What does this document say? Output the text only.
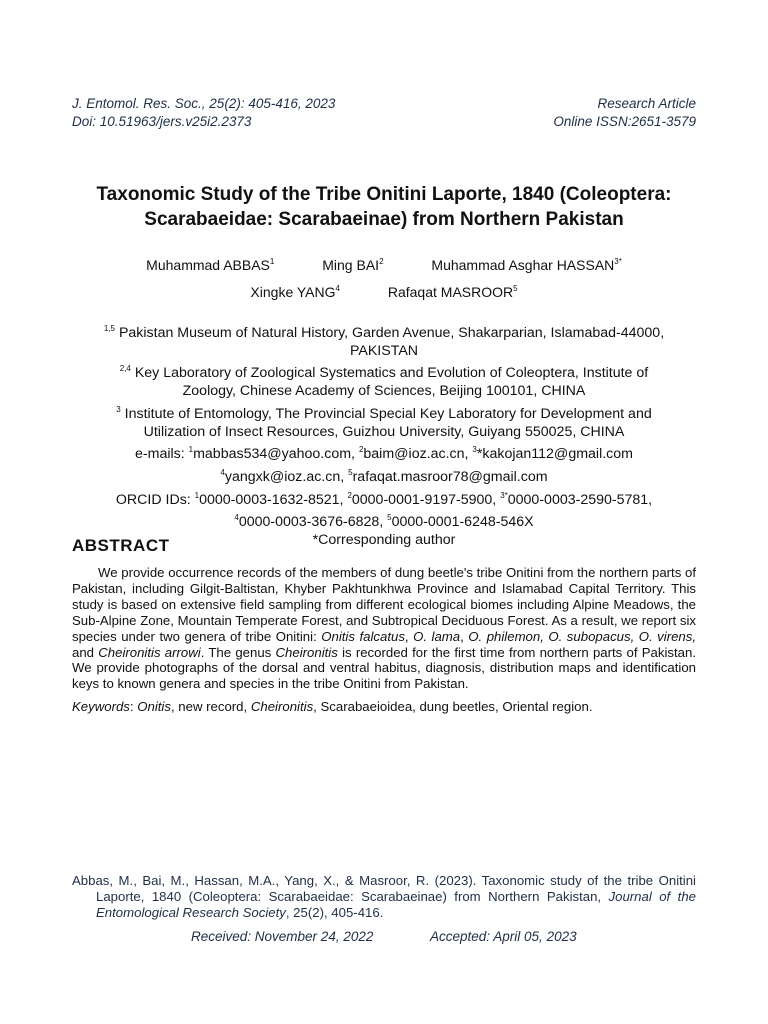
J. Entomol. Res. Soc., 25(2): 405-416, 2023	Research Article
Doi: 10.51963/jers.v25i2.2373	Online ISSN:2651-3579
Taxonomic Study of the Tribe Onitini Laporte, 1840 (Coleoptera:
Scarabaeidae: Scarabaeinae) from Northern Pakistan
Muhammad ABBAS$^1$	Ming BAI$^2$	Muhammad Asghar $HASSAN^{3*}$
Xingke YANG$^4$	Rafaqat MASROOR$^5$
$^{1,5}$ Pakistan Museum of Natural History, Garden Avenue, Shakarparian, Islamabad-44000,
PAKISTAN
$^{2,4}$ Key Laboratory of Zoological Systematics and Evolution of Coleoptera, Institute of
Zoology, Chinese Academy of Sciences, Beijing 100101, CHINA
$^3$ Institute of Entomology, The Provincial Special Key Laboratory for Development and
Utilization of Insect Resources, Guizhou University, Guiyang 550025, CHINA
e-mails: $^1$mabbas534@yahoo.com, $^2$baim@ioz.ac.cn, $^3$*kakojan112@gmail.com
$^4$yangxk@ioz.ac.cn, $^5$rafaqat.masroor78@gmail.com
ORCID IDs: $^1$0000-0003-1632-8521, $^2$0000-0001-9197-5900, $^{3*}$0000-0003-2590-5781,
$^4$0000-0003-3676-6828, $^5$0000-0001-6248-546X
*Corresponding author
ABSTRACT
We provide occurrence records of the members of dung beetle's tribe Onitini from the northern parts of Pakistan, including Gilgit-Baltistan, Khyber Pakhtunkhwa Province and Islamabad Capital Territory. This study is based on extensive field sampling from different ecological biomes including Alpine Meadows, the Sub-Alpine Zone, Mountain Temperate Forest, and Subtropical Deciduous Forest. As a result, we report six species under two genera of tribe Onitini: Onitis falcatus, O. lama, O. philemon, O. subopacus, O. virens, and Cheironitis arrowi. The genus Cheironitis is recorded for the first time from northern parts of Pakistan. We provide photographs of the dorsal and ventral habitus, diagnosis, distribution maps and identification keys to known genera and species in the tribe Onitini from Pakistan.
Keywords: Onitis, new record, Cheironitis, Scarabaeioidea, dung beetles, Oriental region.
Abbas, M., Bai, M., Hassan, M.A., Yang, X., & Masroor, R. (2023). Taxonomic study of the tribe Onitini Laporte, 1840 (Coleoptera: Scarabaeidae: Scarabaeinae) from Northern Pakistan, Journal of the Entomological Research Society, 25(2), 405-416.
Received: November 24, 2022	Accepted: April 05, 2023
